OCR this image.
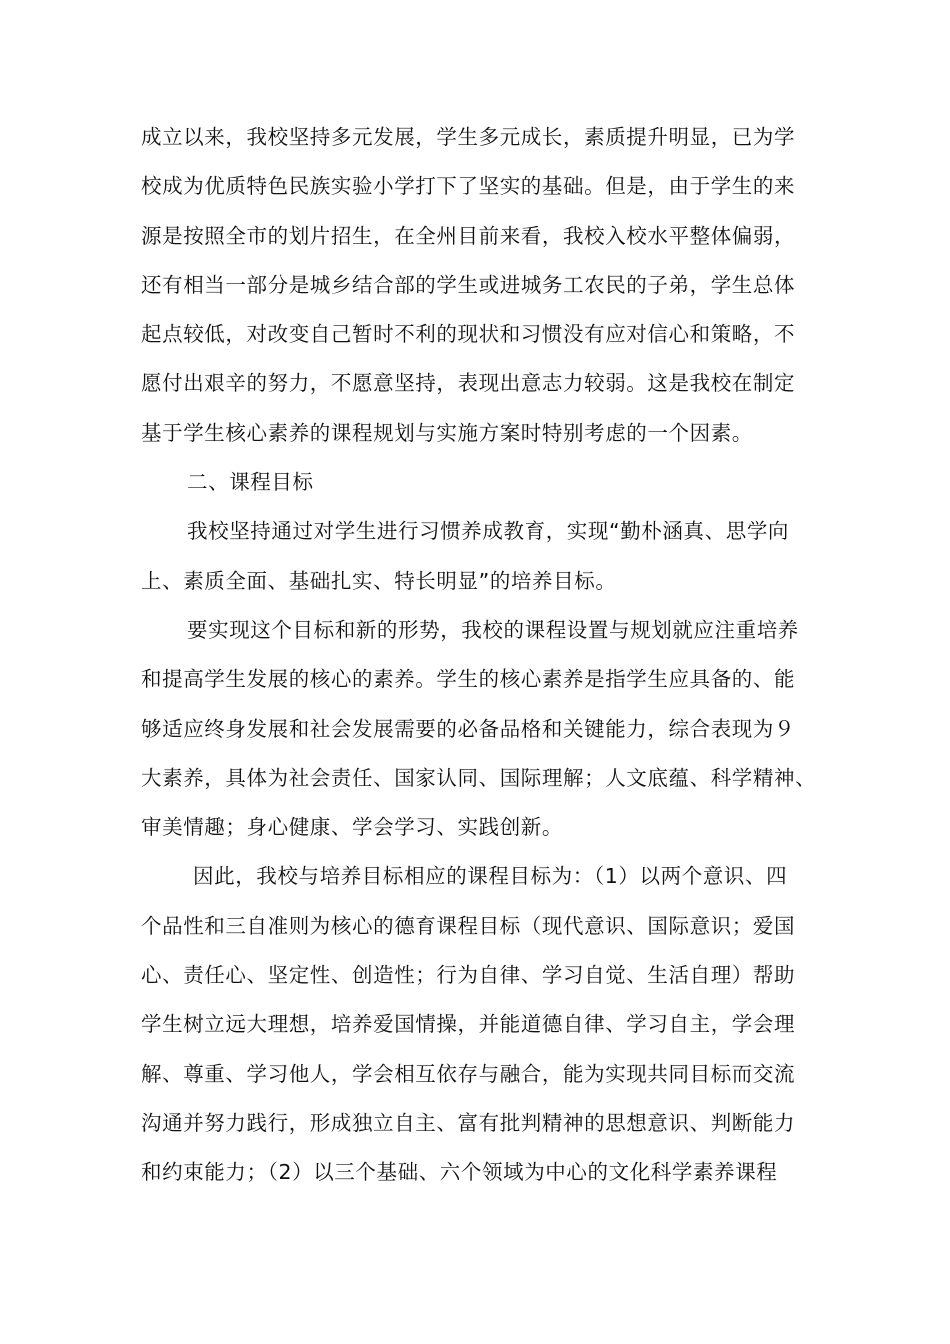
成立以来，我校坚持多元发展，学生多元成长，素质提升明显，已为学
校成为优质特色民族实验小学打下了坚实的基础。但是，由于学生的来
源是按照全市的划片招生，在全州目前来看，我校入校水平整体偏弱，
还有相当一部分是城乡结合部的学生或进城务工农民的子弟，学生总体
起点较低，对改变自己暂时不利的现状和习惯没有应对信心和策略，不
愿付出艰辛的努力，不愿意坚持，表现出意志力较弱。这是我校在制定
基于学生核心素养的课程规划与实施方案时特别考虑的一个因素。
二、课程目标
我校坚持通过对学生进行习惯养成教育，实现“勤朴涵真、思学向
上、素质全面、基础扎实、特长明显”的培养目标。
要实现这个目标和新的形势，我校的课程设置与规划就应注重培养
和提高学生发展的核心的素养。学生的核心素养是指学生应具备的、能
够适应终身发展和社会发展需要的必备品格和关键能力，综合表现为９
大素养，具体为社会责任、国家认同、国际理解；人文底蕴、科学精神、
审美情趣；身心健康、学会学习、实践创新。
因此，我校与培养目标相应的课程目标为：（1）以两个意识、四
个品性和三自准则为核心的德育课程目标（现代意识、国际意识；爱国
心、责任心、坚定性、创造性；行为自律、学习自觉、生活自理）帮助
学生树立远大理想，培养爱国情操，并能道德自律、学习自主，学会理
解、尊重、学习他人，学会相互依存与融合，能为实现共同目标而交流
沟通并努力践行，形成独立自主、富有批判精神的思想意识、判断能力
和约束能力；（2）以三个基础、六个领域为中心的文化科学素养课程
